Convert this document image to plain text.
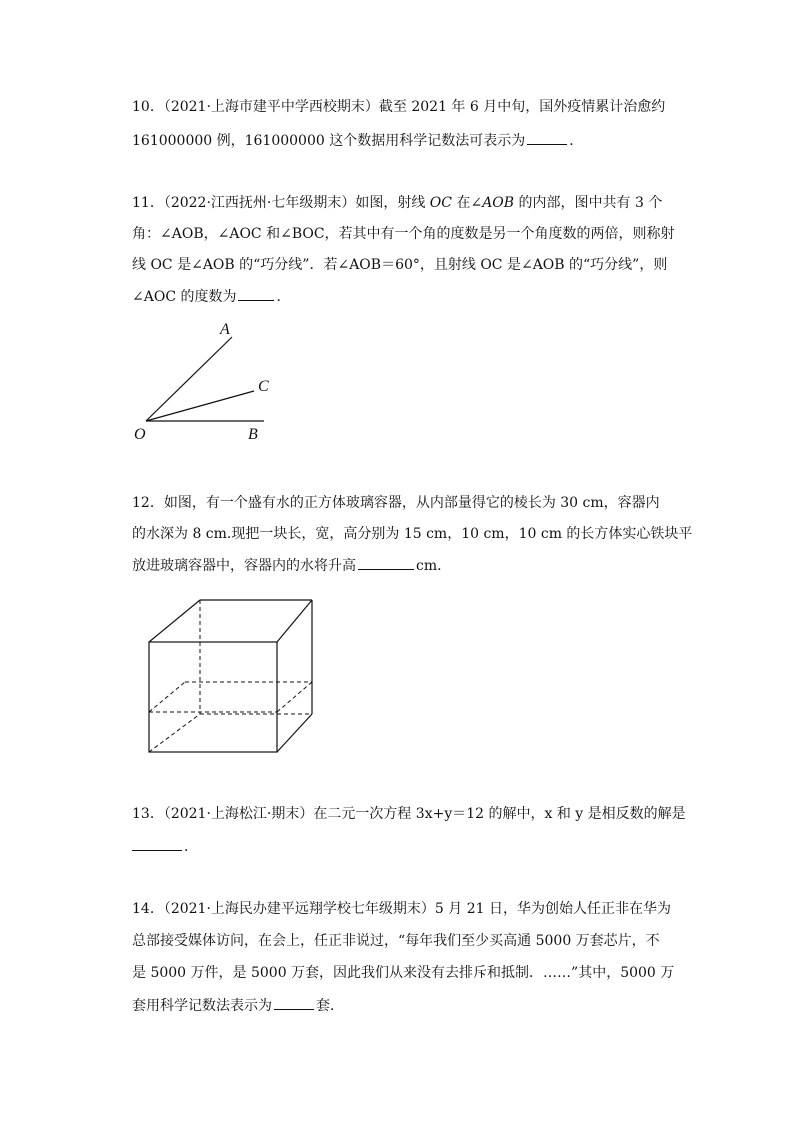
10．（2021·上海市建平中学西校期末）截至 2021 年 6 月中旬，国外疫情累计治愈约
161000000 例，161000000 这个数据用科学记数法可表示为	．
11．（2022·江西抚州·七年级期末）如图，射线 OC 在∠AOB 的内部，图中共有 3 个
角：∠AOB，∠AOC 和∠BOC，若其中有一个角的度数是另一个角度数的两倍，则称射
线 OC 是∠AOB 的“巧分线”．若∠AOB＝60°，且射线 OC 是∠AOB 的“巧分线”，则
∠AOC 的度数为	．
A
C
O	B
12．如图，有一个盛有水的正方体玻璃容器，从内部量得它的棱长为 30 cm，容器内
的水深为 8 cm.现把一块长，宽，高分别为 15 cm，10 cm，10 cm 的长方体实心铁块平
放进玻璃容器中，容器内的水将升高	cm.
13．（2021·上海松江·期末）在二元一次方程 3x+y＝12 的解中，x 和 y 是相反数的解是
．
14．（2021·上海民办建平远翔学校七年级期末）5 月 21 日，华为创始人任正非在华为
总部接受媒体访问，在会上，任正非说过，“每年我们至少买高通 5000 万套芯片，不
是 5000 万件，是 5000 万套，因此我们从来没有去排斥和抵制．……”其中，5000 万
套用科学记数法表示为	套．
